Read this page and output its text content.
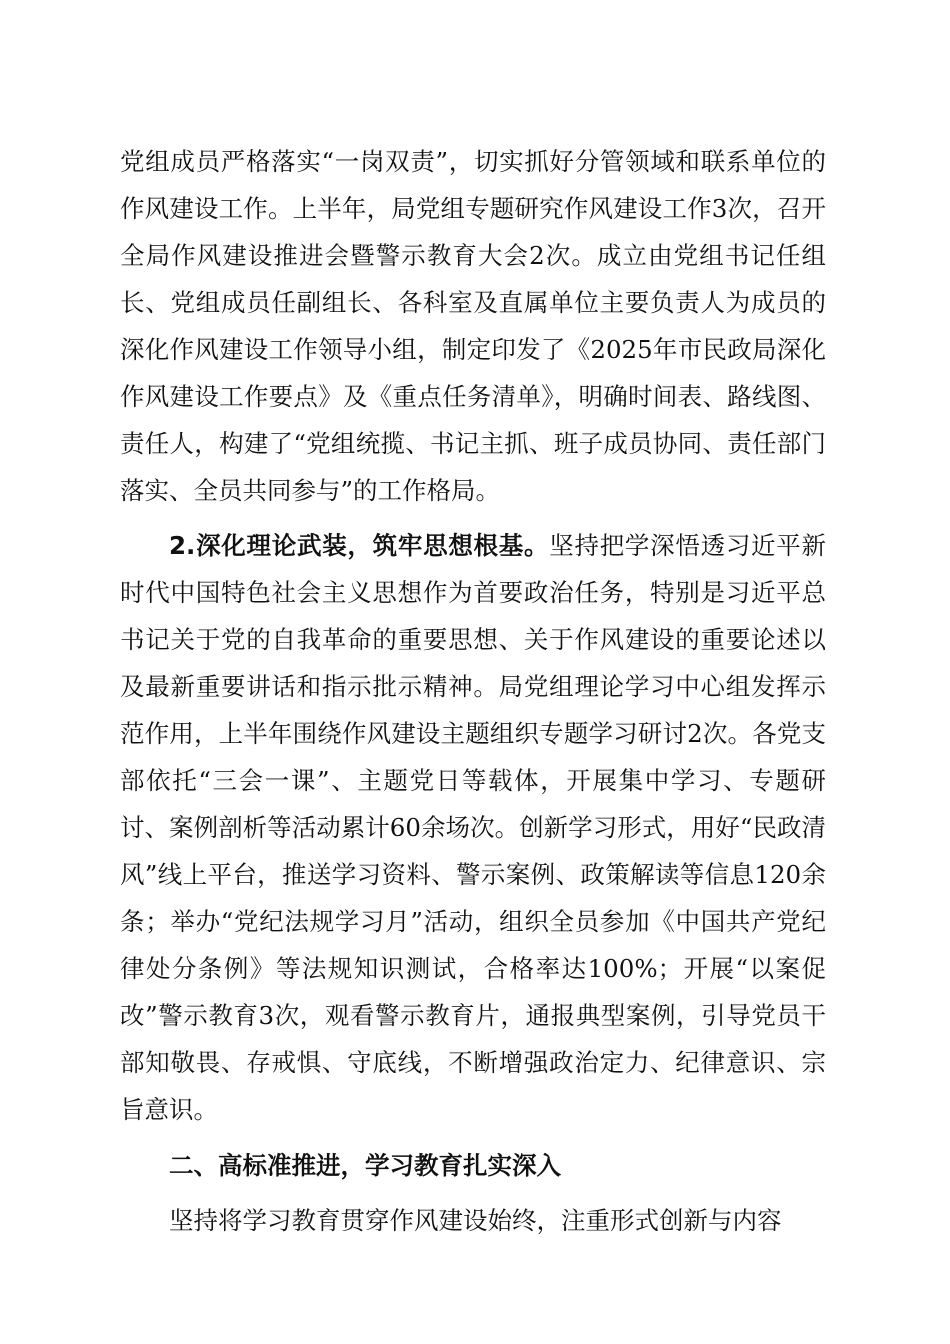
党组成员严格落实“一岗双责”，切实抓好分管领域和联系单位的作风建设工作。上半年，局党组专题研究作风建设工作3次，召开全局作风建设推进会暨警示教育大会2次。成立由党组书记任组长、党组成员任副组长、各科室及直属单位主要负责人为成员的深化作风建设工作领导小组，制定印发了《2025年市民政局深化作风建设工作要点》及《重点任务清单》，明确时间表、路线图、责任人，构建了“党组统揽、书记主抓、班子成员协同、责任部门落实、全员共同参与”的工作格局。

2.深化理论武装，筑牢思想根基。坚持把学深悟透习近平新时代中国特色社会主义思想作为首要政治任务，特别是习近平总书记关于党的自我革命的重要思想、关于作风建设的重要论述以及最新重要讲话和指示批示精神。局党组理论学习中心组发挥示范作用，上半年围绕作风建设主题组织专题学习研讨2次。各党支部依托“三会一课”、主题党日等载体，开展集中学习、专题研讨、案例剖析等活动累计60余场次。创新学习形式，用好“民政清风”线上平台，推送学习资料、警示案例、政策解读等信息120余条；举办“党纪法规学习月”活动，组织全员参加《中国共产党纪律处分条例》等法规知识测试，合格率达100%；开展“以案促改”警示教育3次，观看警示教育片，通报典型案例，引导党员干部知敬畏、存戒惧、守底线，不断增强政治定力、纪律意识、宗旨意识。

二、高标准推进，学习教育扎实深入

坚持将学习教育贯穿作风建设始终，注重形式创新与内容
